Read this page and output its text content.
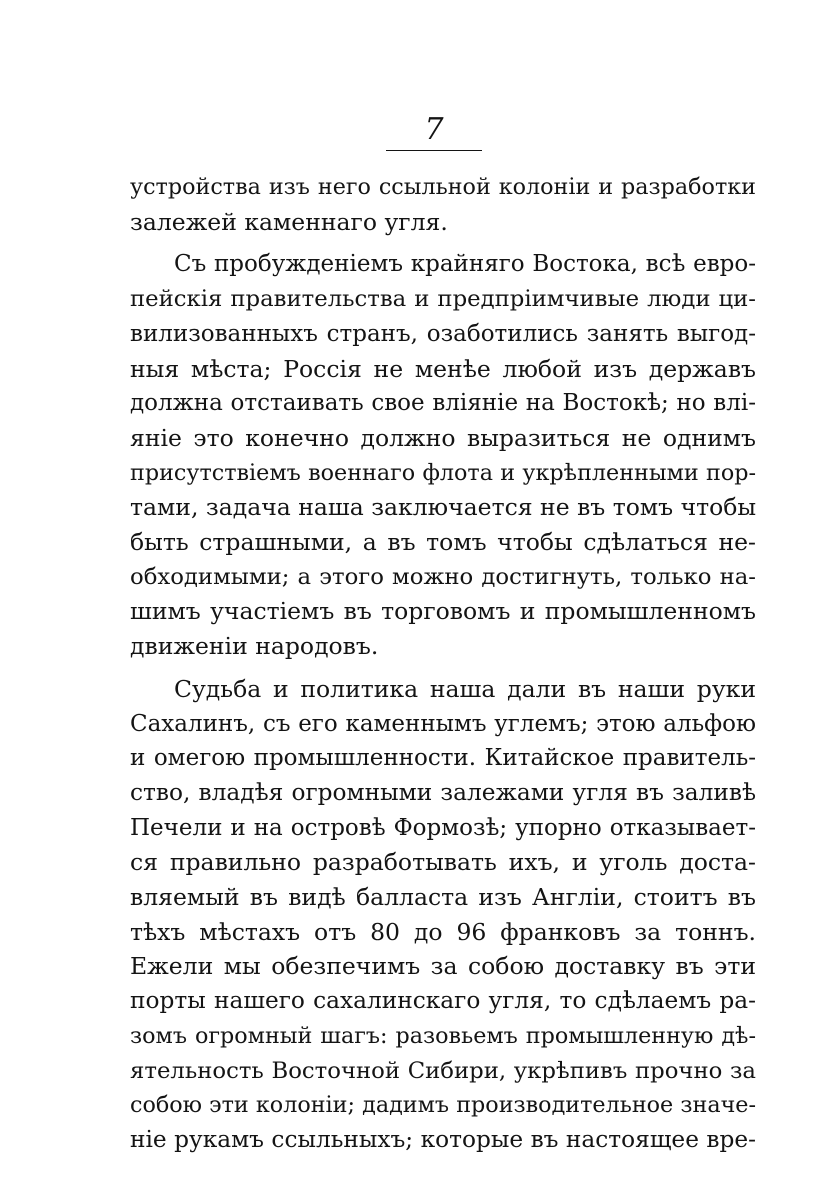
7
устройства изъ него ссыльной колоніи и разработки
залежей каменнаго угля.
Съ пробужденіемъ крайняго Востока, всѣ евро-
пейскія правительства и предпріимчивые люди ци-
вилизованныхъ странъ, озаботились занять выгод-
ныя мѣста; Россія не менѣе любой изъ державъ
должна отстаивать свое вліяніе на Востокѣ; но влі-
яніе это конечно должно выразиться не однимъ
присутствіемъ военнаго флота и укрѣпленными пор-
тами, задача наша заключается не въ томъ чтобы
быть страшными, а въ томъ чтобы сдѣлаться не-
обходимыми; а этого можно достигнуть, только на-
шимъ участіемъ въ торговомъ и промышленномъ
движеніи народовъ.
Судьба и политика наша дали въ наши руки
Сахалинъ, съ его каменнымъ углемъ; этою альфою
и омегою промышленности. Китайское правитель-
ство, владѣя огромными залежами угля въ заливѣ
Печели и на островѣ Формозѣ; упорно отказывает-
ся правильно разработывать ихъ, и уголь доста-
вляемый въ видѣ балласта изъ Англіи, стоитъ въ
тѣхъ мѣстахъ отъ 80 до 96 франковъ за тоннъ.
Ежели мы обезпечимъ за собою доставку въ эти
порты нашего сахалинскаго угля, то сдѣлаемъ ра-
зомъ огромный шагъ: разовьемъ промышленную дѣ-
ятельность Восточной Сибири, укрѣпивъ прочно за
собою эти колоніи; дадимъ производительное значе-
ніе рукамъ ссыльныхъ; которые въ настоящее вре-
